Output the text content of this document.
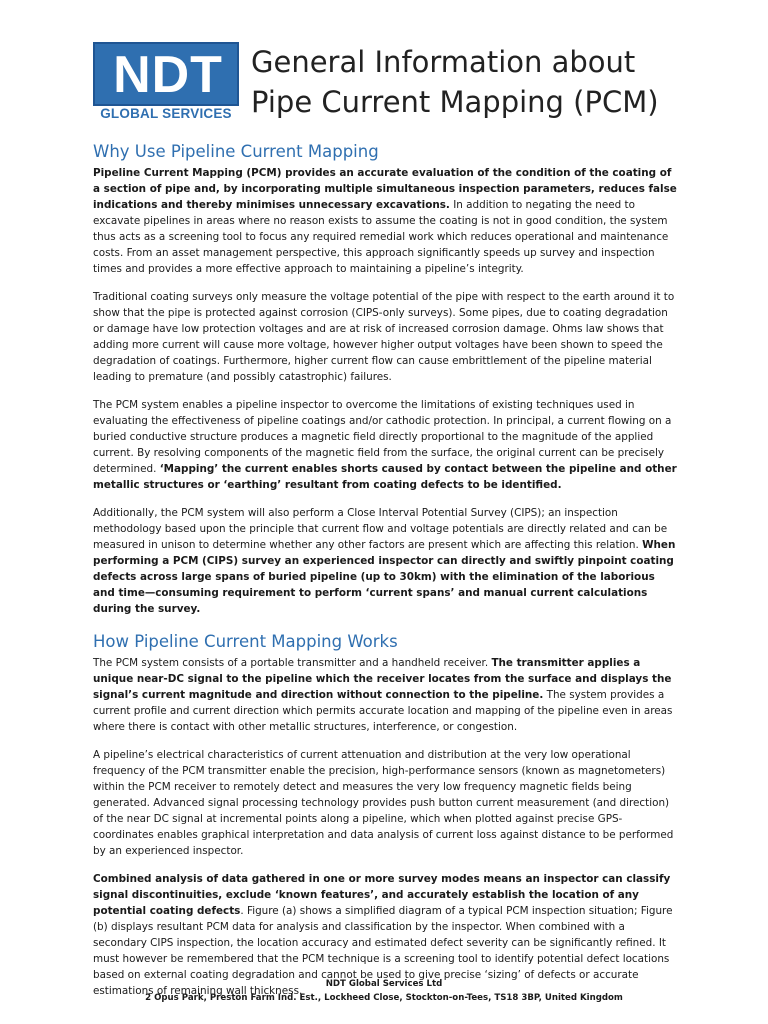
NDT
GLOBAL SERVICES
General Information about
Pipe Current Mapping (PCM)
Why Use Pipeline Current Mapping

Pipeline Current Mapping (PCM) provides an accurate evaluation of the condition of the coating of a section of pipe and, by incorporating multiple simultaneous inspection parameters, reduces false indications and thereby minimises unnecessary excavations. In addition to negating the need to excavate pipelines in areas where no reason exists to assume the coating is not in good condition, the system thus acts as a screening tool to focus any required remedial work which reduces operational and maintenance costs. From an asset management perspective, this approach significantly speeds up survey and inspection times and provides a more effective approach to maintaining a pipeline’s integrity.

Traditional coating surveys only measure the voltage potential of the pipe with respect to the earth around it to show that the pipe is protected against corrosion (CIPS-only surveys). Some pipes, due to coating degradation or damage have low protection voltages and are at risk of increased corrosion damage. Ohms law shows that adding more current will cause more voltage, however higher output voltages have been shown to speed the degradation of coatings. Furthermore, higher current flow can cause embrittlement of the pipeline material leading to premature (and possibly catastrophic) failures.

The PCM system enables a pipeline inspector to overcome the limitations of existing techniques used in evaluating the effectiveness of pipeline coatings and/or cathodic protection. In principal, a current flowing on a buried conductive structure produces a magnetic field directly proportional to the magnitude of the applied current. By resolving components of the magnetic field from the surface, the original current can be precisely determined. ‘Mapping’ the current enables shorts caused by contact between the pipeline and other metallic structures or ‘earthing’ resultant from coating defects to be identified.

Additionally, the PCM system will also perform a Close Interval Potential Survey (CIPS); an inspection methodology based upon the principle that current flow and voltage potentials are directly related and can be measured in unison to determine whether any other factors are present which are affecting this relation. When performing a PCM (CIPS) survey an experienced inspector can directly and swiftly pinpoint coating defects across large spans of buried pipeline (up to 30km) with the elimination of the laborious and time—consuming requirement to perform ‘current spans’ and manual current calculations during the survey.

How Pipeline Current Mapping Works

The PCM system consists of a portable transmitter and a handheld receiver. The transmitter applies a unique near-DC signal to the pipeline which the receiver locates from the surface and displays the signal’s current magnitude and direction without connection to the pipeline. The system provides a current profile and current direction which permits accurate location and mapping of the pipeline even in areas where there is contact with other metallic structures, interference, or congestion.

A pipeline’s electrical characteristics of current attenuation and distribution at the very low operational frequency of the PCM transmitter enable the precision, high-performance sensors (known as magnetometers) within the PCM receiver to remotely detect and measures the very low frequency magnetic fields being generated. Advanced signal processing technology provides push button current measurement (and direction) of the near DC signal at incremental points along a pipeline, which when plotted against precise GPS-coordinates enables graphical interpretation and data analysis of current loss against distance to be performed by an experienced inspector.

Combined analysis of data gathered in one or more survey modes means an inspector can classify signal discontinuities, exclude ‘known features’, and accurately establish the location of any potential coating defects. Figure (a) shows a simplified diagram of a typical PCM inspection situation; Figure (b) displays resultant PCM data for analysis and classification by the inspector. When combined with a secondary CIPS inspection, the location accuracy and estimated defect severity can be significantly refined. It must however be remembered that the PCM technique is a screening tool to identify potential defect locations based on external coating degradation and cannot be used to give precise ‘sizing’ of defects or accurate estimations of remaining wall thickness.

NDT Global Services Ltd
2 Opus Park, Preston Farm Ind. Est., Lockheed Close, Stockton-on-Tees, TS18 3BP, United Kingdom
